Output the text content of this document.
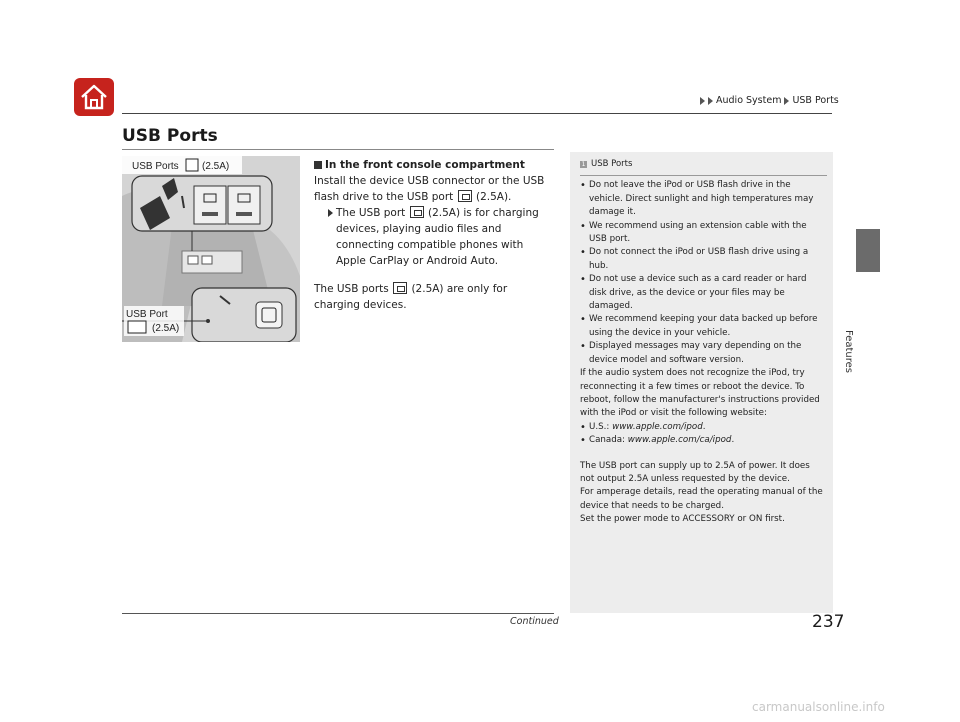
Audio System USB Ports
Features
USB Ports
USB Ports (2.5A)
USB Port
(2.5A)
In the front console compartment
Install the device USB connector or the USB
flash drive to the USB port (2.5A).
The USB port (2.5A) is for charging devices, playing audio files and connecting compatible phones with Apple CarPlay or Android Auto.
The USB ports (2.5A) are only for charging devices.
1 USB Ports
• Do not leave the iPod or USB flash drive in the vehicle. Direct sunlight and high temperatures may damage it.
• We recommend using an extension cable with the USB port.
• Do not connect the iPod or USB flash drive using a hub.
• Do not use a device such as a card reader or hard disk drive, as the device or your files may be damaged.
• We recommend keeping your data backed up before using the device in your vehicle.
• Displayed messages may vary depending on the device model and software version.
If the audio system does not recognize the iPod, try reconnecting it a few times or reboot the device. To reboot, follow the manufacturer's instructions provided with the iPod or visit the following website:
• U.S.: www.apple.com/ipod.
• Canada: www.apple.com/ca/ipod.
The USB port can supply up to 2.5A of power. It does not output 2.5A unless requested by the device.
For amperage details, read the operating manual of the device that needs to be charged.
Set the power mode to ACCESSORY or ON first.
Continued	237
carmanualsonline.info
